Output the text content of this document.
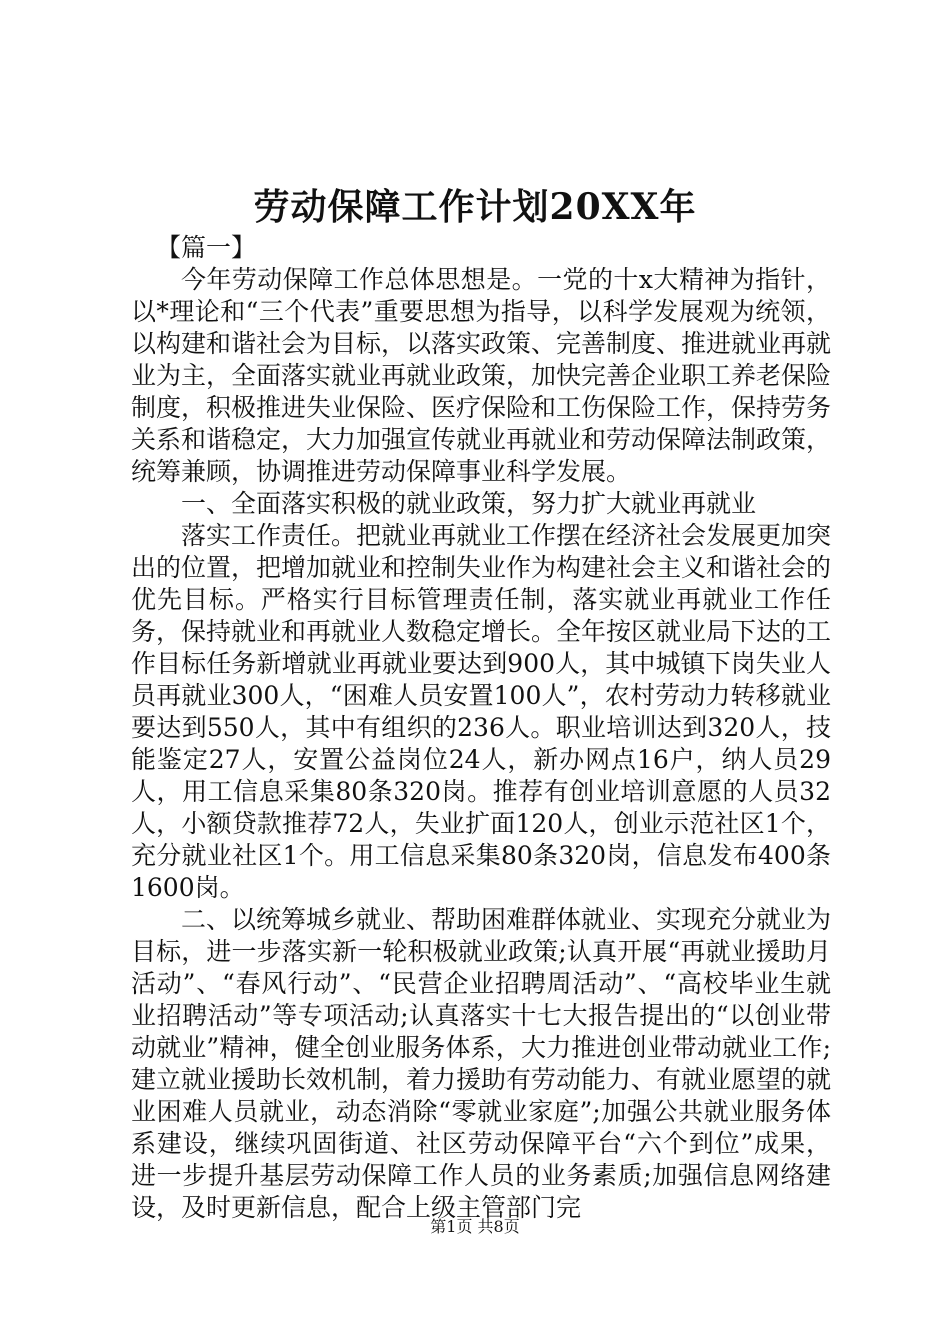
劳动保障工作计划20XX年

【篇一】

今年劳动保障工作总体思想是。一党的十x大精神为指针，以*理论和“三个代表”重要思想为指导，以科学发展观为统领，以构建和谐社会为目标，以落实政策、完善制度、推进就业再就业为主，全面落实就业再就业政策，加快完善企业职工养老保险制度，积极推进失业保险、医疗保险和工伤保险工作，保持劳务关系和谐稳定，大力加强宣传就业再就业和劳动保障法制政策，统筹兼顾，协调推进劳动保障事业科学发展。

一、全面落实积极的就业政策，努力扩大就业再就业

落实工作责任。把就业再就业工作摆在经济社会发展更加突出的位置，把增加就业和控制失业作为构建社会主义和谐社会的优先目标。严格实行目标管理责任制，落实就业再就业工作任务，保持就业和再就业人数稳定增长。全年按区就业局下达的工作目标任务新增就业再就业要达到900人，其中城镇下岗失业人员再就业300人，“困难人员安置100人”，农村劳动力转移就业要达到550人，其中有组织的236人。职业培训达到320人，技能鉴定27人，安置公益岗位24人，新办网点16户，纳人员29人，用工信息采集80条320岗。推荐有创业培训意愿的人员32人，小额贷款推荐72人，失业扩面120人，创业示范社区1个，充分就业社区1个。用工信息采集80条320岗，信息发布400条1600岗。

二、以统筹城乡就业、帮助困难群体就业、实现充分就业为目标，进一步落实新一轮积极就业政策;认真开展“再就业援助月活动”、“春风行动”、“民营企业招聘周活动”、“高校毕业生就业招聘活动”等专项活动;认真落实十七大报告提出的“以创业带动就业”精神，健全创业服务体系，大力推进创业带动就业工作;建立就业援助长效机制，着力援助有劳动能力、有就业愿望的就业困难人员就业，动态消除“零就业家庭”;加强公共就业服务体系建设，继续巩固街道、社区劳动保障平台“六个到位”成果，进一步提升基层劳动保障工作人员的业务素质;加强信息网络建设，及时更新信息，配合上级主管部门完

第1页 共8页
